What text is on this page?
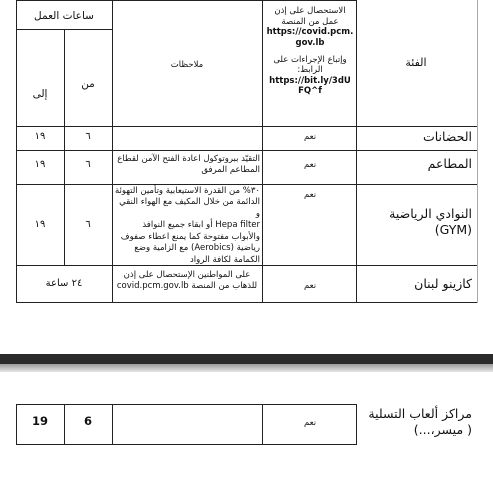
الفئة
الاستحصال على إذن
عمل من المنصة
https://covid.pcm.
gov.lb
وإتباع الإجراءات على
الرابط:
https://bit.ly/3dU
FQ^f
ملاحظات
ساعات العمل
من
إلى
الحضانات
نعم
٦
١٩
المطاعم
نعم
التقيّد ببروتوكول اعادة الفتح الآمن لقطاع
المطاعم المرفق
٦
١٩
النوادي الرياضية
(GYM)
نعم
٣٠% من القدرة الاستيعابية وتأمين التهوئة
الدائمة من خلال المكيف مع الهواء النقي و
Hepa filter أو ابقاء جميع النوافذ
والأبواب مفتوحة كما يمنع اعطاء صفوف
رياضية (Aerobics) مع الزامية وضع
الكمامة لكافة الرواد
٦
١٩
كازينو لبنان
نعم
على المواطنين الإستحصال على إذن
للذهاب من المنصة covid.pcm.gov.lb
٢٤ ساعة
مراكز ألعاب التسلية
( ميسر،...)
نعم
6
19
